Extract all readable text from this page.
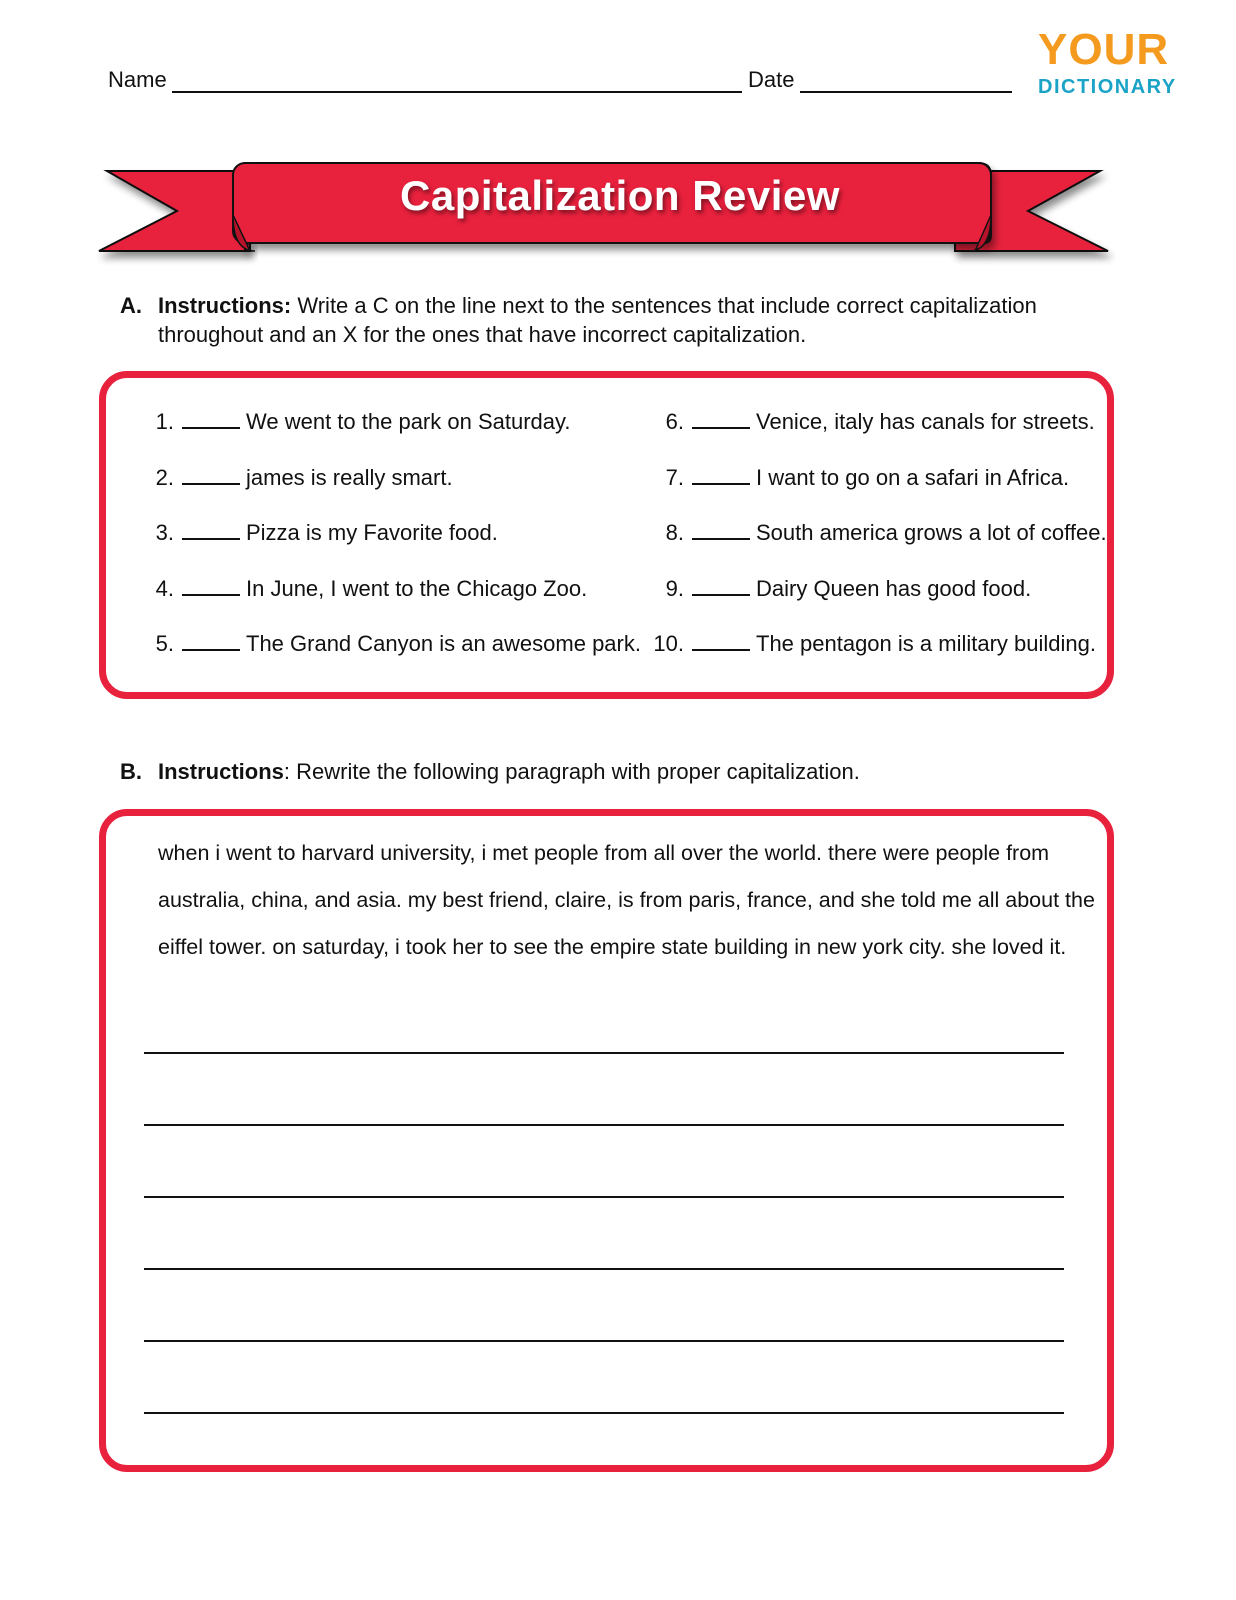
Name	Date
YOUR
DICTIONARY
Capitalization Review
A. Instructions: Write a C on the line next to the sentences that include correct capitalization
throughout and an X for the ones that have incorrect capitalization.
1.	We went to the park on Saturday.
2.	james is really smart.
3.	Pizza is my Favorite food.
4.	In June, I went to the Chicago Zoo.
5.	The Grand Canyon is an awesome park.
6.	Venice, italy has canals for streets.
7.	I want to go on a safari in Africa.
8.	South america grows a lot of coffee.
9.	Dairy Queen has good food.
10.	The pentagon is a military building.
B. Instructions: Rewrite the following paragraph with proper capitalization.
when i went to harvard university, i met people from all over the world. there were people from
australia, china, and asia. my best friend, claire, is from paris, france, and she told me all about the
eiffel tower. on saturday, i took her to see the empire state building in new york city. she loved it.
